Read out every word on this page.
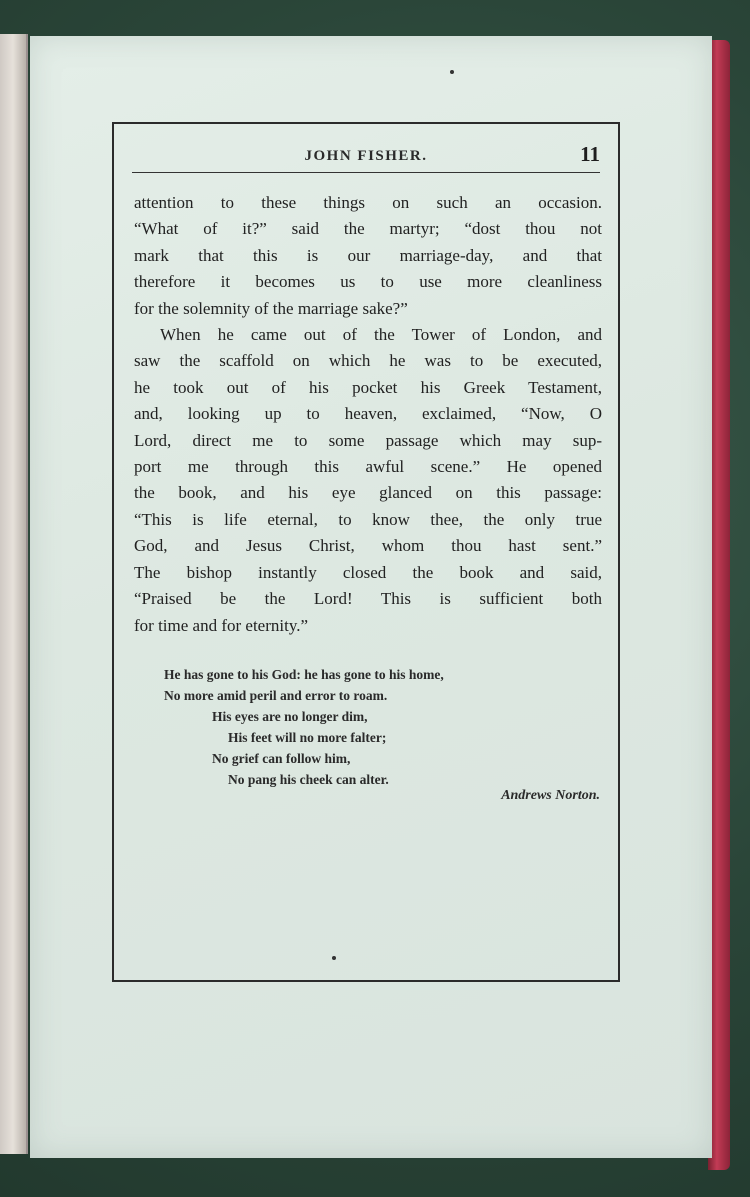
JOHN FISHER.	11
attention to these things on such an occasion.
“What of it?” said the martyr; “dost thou not
mark that this is our marriage-day, and that
therefore it becomes us to use more cleanliness
for the solemnity of the marriage sake?”
When he came out of the Tower of London, and
saw the scaffold on which he was to be executed,
he took out of his pocket his Greek Testament,
and, looking up to heaven, exclaimed, “Now, O
Lord, direct me to some passage which may sup-
port me through this awful scene.” He opened
the book, and his eye glanced on this passage:
“This is life eternal, to know thee, the only true
God, and Jesus Christ, whom thou hast sent.”
The bishop instantly closed the book and said,
“Praised be the Lord! This is sufficient both
for time and for eternity.”
He has gone to his God: he has gone to his home,
No more amid peril and error to roam.
His eyes are no longer dim,
His feet will no more falter;
No grief can follow him,
No pang his cheek can alter.
Andrews Norton.
